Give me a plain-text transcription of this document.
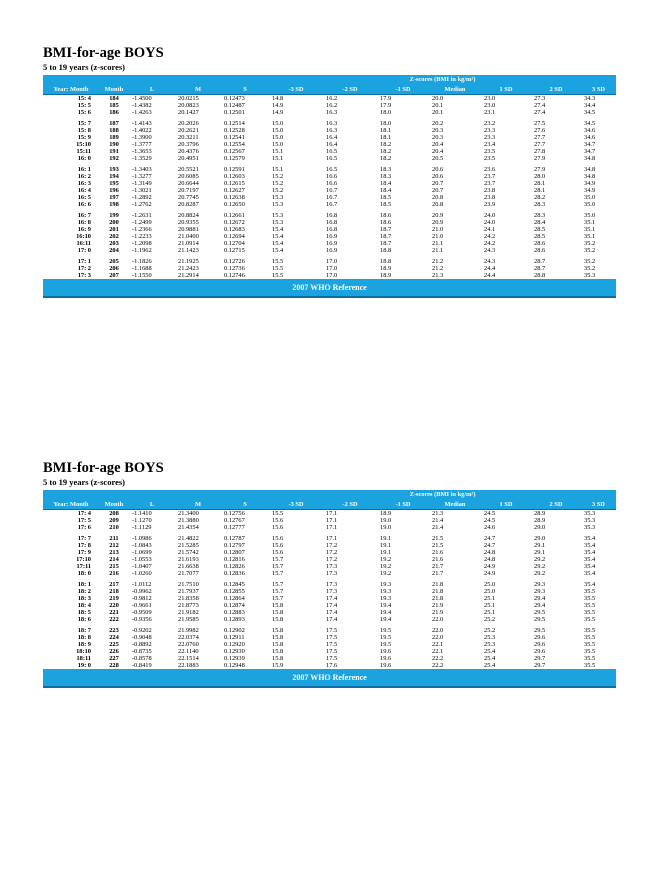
BMI-for-age BOYS
5 to 19 years (z-scores)
					Z-scores (BMI in kg/m²)						
Year: Month	Month	L	M	S	-3 SD	-2 SD	-1 SD	Median	1 SD	2 SD	3 SD
15: 4	184	-1.4500	20.0215	0.12473	14.8	16.2	17.9	20.0	23.0	27.3	34.3
15: 5	185	-1.4382	20.0823	0.12487	14.9	16.2	17.9	20.1	23.0	27.4	34.4
15: 6	186	-1.4263	20.1427	0.12501	14.9	16.3	18.0	20.1	23.1	27.4	34.5
15: 7	187	-1.4143	20.2026	0.12514	15.0	16.3	18.0	20.2	23.2	27.5	34.5
15: 8	188	-1.4022	20.2621	0.12528	15.0	16.3	18.1	20.3	23.3	27.6	34.6
15: 9	189	-1.3900	20.3211	0.12541	15.0	16.4	18.1	20.3	23.3	27.7	34.6
15:10	190	-1.3777	20.3796	0.12554	15.0	16.4	18.2	20.4	23.4	27.7	34.7
15:11	191	-1.3653	20.4376	0.12567	15.1	16.5	18.2	20.4	23.5	27.8	34.7
16: 0	192	-1.3529	20.4951	0.12579	15.1	16.5	18.2	20.5	23.5	27.9	34.8
16: 1	193	-1.3403	20.5521	0.12591	15.1	16.5	18.3	20.6	23.6	27.9	34.8
16: 2	194	-1.3277	20.6085	0.12603	15.2	16.6	18.3	20.6	23.7	28.0	34.8
16: 3	195	-1.3149	20.6644	0.12615	15.2	16.6	18.4	20.7	23.7	28.1	34.9
16: 4	196	-1.3021	20.7197	0.12627	15.2	16.7	18.4	20.7	23.8	28.1	34.9
16: 5	197	-1.2892	20.7745	0.12638	15.3	16.7	18.5	20.8	23.8	28.2	35.0
16: 6	198	-1.2762	20.8287	0.12650	15.3	16.7	18.5	20.8	23.9	28.3	35.0
16: 7	199	-1.2631	20.8824	0.12661	15.3	16.8	18.6	20.9	24.0	28.3	35.0
16: 8	200	-1.2499	20.9355	0.12672	15.3	16.8	18.6	20.9	24.0	28.4	35.1
16: 9	201	-1.2366	20.9881	0.12683	15.4	16.8	18.7	21.0	24.1	28.5	35.1
16:10	202	-1.2233	21.0400	0.12694	15.4	16.9	18.7	21.0	24.2	28.5	35.1
16:11	203	-1.2098	21.0914	0.12704	15.4	16.9	18.7	21.1	24.2	28.6	35.2
17: 0	204	-1.1962	21.1423	0.12715	15.4	16.9	18.8	21.1	24.3	28.6	35.2
17: 1	205	-1.1826	21.1925	0.12726	15.5	17.0	18.8	21.2	24.3	28.7	35.2
17: 2	206	-1.1688	21.2423	0.12736	15.5	17.0	18.9	21.2	24.4	28.7	35.2
17: 3	207	-1.1550	21.2914	0.12746	15.5	17.0	18.9	21.3	24.4	28.8	35.3
2007 WHO Reference											
BMI-for-age BOYS
5 to 19 years (z-scores)
					Z-scores (BMI in kg/m²)						
Year: Month	Month	L	M	S	-3 SD	-2 SD	-1 SD	Median	1 SD	2 SD	3 SD
17: 4	208	-1.1410	21.3400	0.12756	15.5	17.1	18.9	21.3	24.5	28.9	35.3
17: 5	209	-1.1270	21.3880	0.12767	15.6	17.1	19.0	21.4	24.5	28.9	35.3
17: 6	210	-1.1129	21.4354	0.12777	15.6	17.1	19.0	21.4	24.6	29.0	35.3
17: 7	211	-1.0986	21.4822	0.12787	15.6	17.1	19.1	21.5	24.7	29.0	35.4
17: 8	212	-1.0843	21.5285	0.12797	15.6	17.2	19.1	21.5	24.7	29.1	35.4
17: 9	213	-1.0699	21.5742	0.12807	15.6	17.2	19.1	21.6	24.8	29.1	35.4
17:10	214	-1.0553	21.6193	0.12816	15.7	17.2	19.2	21.6	24.8	29.2	35.4
17:11	215	-1.0407	21.6638	0.12826	15.7	17.3	19.2	21.7	24.9	29.2	35.4
18: 0	216	-1.0260	21.7077	0.12836	15.7	17.3	19.2	21.7	24.9	29.2	35.4
18: 1	217	-1.0112	21.7510	0.12845	15.7	17.3	19.3	21.8	25.0	29.3	35.4
18: 2	218	-0.9962	21.7937	0.12855	15.7	17.3	19.3	21.8	25.0	29.3	35.5
18: 3	219	-0.9812	21.8358	0.12864	15.7	17.4	19.3	21.8	25.1	29.4	35.5
18: 4	220	-0.9661	21.8773	0.12874	15.8	17.4	19.4	21.9	25.1	29.4	35.5
18: 5	221	-0.9509	21.9182	0.12883	15.8	17.4	19.4	21.9	25.1	29.5	35.5
18: 6	222	-0.9356	21.9585	0.12893	15.8	17.4	19.4	22.0	25.2	29.5	35.5
18: 7	223	-0.9202	21.9982	0.12902	15.8	17.5	19.5	22.0	25.2	29.5	35.5
18: 8	224	-0.9048	22.0374	0.12911	15.8	17.5	19.5	22.0	25.3	29.6	35.5
18: 9	225	-0.8892	22.0760	0.12920	15.8	17.5	19.5	22.1	25.3	29.6	35.5
18:10	226	-0.8735	22.1140	0.12930	15.8	17.5	19.6	22.1	25.4	29.6	35.5
18:11	227	-0.8578	22.1514	0.12939	15.8	17.5	19.6	22.2	25.4	29.7	35.5
19: 0	228	-0.8419	22.1883	0.12948	15.9	17.6	19.6	22.2	25.4	29.7	35.5
2007 WHO Reference											
